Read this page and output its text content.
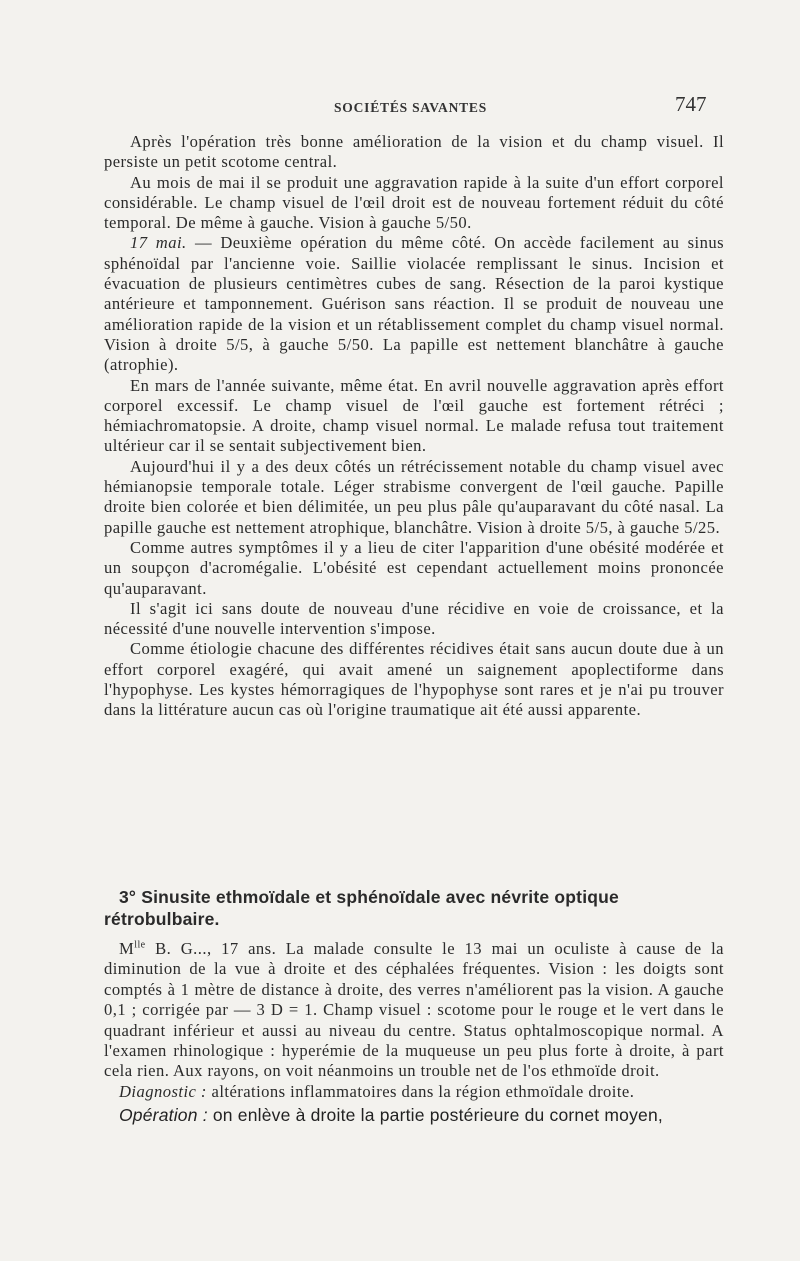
SOCIÉTÉS SAVANTES	747

Après l'opération très bonne amélioration de la vision et du champ visuel. Il persiste un petit scotome central.

Au mois de mai il se produit une aggravation rapide à la suite d'un effort corporel considérable. Le champ visuel de l'œil droit est de nouveau fortement réduit du côté temporal. De même à gauche. Vision à gauche 5/50.

17 mai. — Deuxième opération du même côté. On accède facilement au sinus sphénoïdal par l'ancienne voie. Saillie violacée remplissant le sinus. Incision et évacuation de plusieurs centimètres cubes de sang. Résection de la paroi kystique antérieure et tamponnement. Guérison sans réaction. Il se produit de nouveau une amélioration rapide de la vision et un rétablissement complet du champ visuel normal. Vision à droite 5/5, à gauche 5/50. La papille est nettement blanchâtre à gauche (atrophie).

En mars de l'année suivante, même état. En avril nouvelle aggravation après effort corporel excessif. Le champ visuel de l'œil gauche est fortement rétréci ; hémiachromatopsie. A droite, champ visuel normal. Le malade refusa tout traitement ultérieur car il se sentait subjectivement bien.

Aujourd'hui il y a des deux côtés un rétrécissement notable du champ visuel avec hémianopsie temporale totale. Léger strabisme convergent de l'œil gauche. Papille droite bien colorée et bien délimitée, un peu plus pâle qu'auparavant du côté nasal. La papille gauche est nettement atrophique, blanchâtre. Vision à droite 5/5, à gauche 5/25.

Comme autres symptômes il y a lieu de citer l'apparition d'une obésité modérée et un soupçon d'acromégalie. L'obésité est cependant actuellement moins prononcée qu'auparavant.

Il s'agit ici sans doute de nouveau d'une récidive en voie de croissance, et la nécessité d'une nouvelle intervention s'impose.

Comme étiologie chacune des différentes récidives était sans aucun doute due à un effort corporel exagéré, qui avait amené un saignement apoplectiforme dans l'hypophyse. Les kystes hémorragiques de l'hypophyse sont rares et je n'ai pu trouver dans la littérature aucun cas où l'origine traumatique ait été aussi apparente.

3° Sinusite ethmoïdale et sphénoïdale avec névrite optique rétrobulbaire.

$M^{lle}$ B. G..., 17 ans. La malade consulte le 13 mai un oculiste à cause de la diminution de la vue à droite et des céphalées fréquentes. Vision : les doigts sont comptés à 1 mètre de distance à droite, des verres n'améliorent pas la vision. A gauche 0,1 ; corrigée par — 3 D = 1. Champ visuel : scotome pour le rouge et le vert dans le quadrant inférieur et aussi au niveau du centre. Status ophtalmoscopique normal. A l'examen rhinologique : hyperémie de la muqueuse un peu plus forte à droite, à part cela rien. Aux rayons, on voit néanmoins un trouble net de l'os ethmoïde droit.

Diagnostic : altérations inflammatoires dans la région ethmoïdale droite.

Opération : on enlève à droite la partie postérieure du cornet moyen,
